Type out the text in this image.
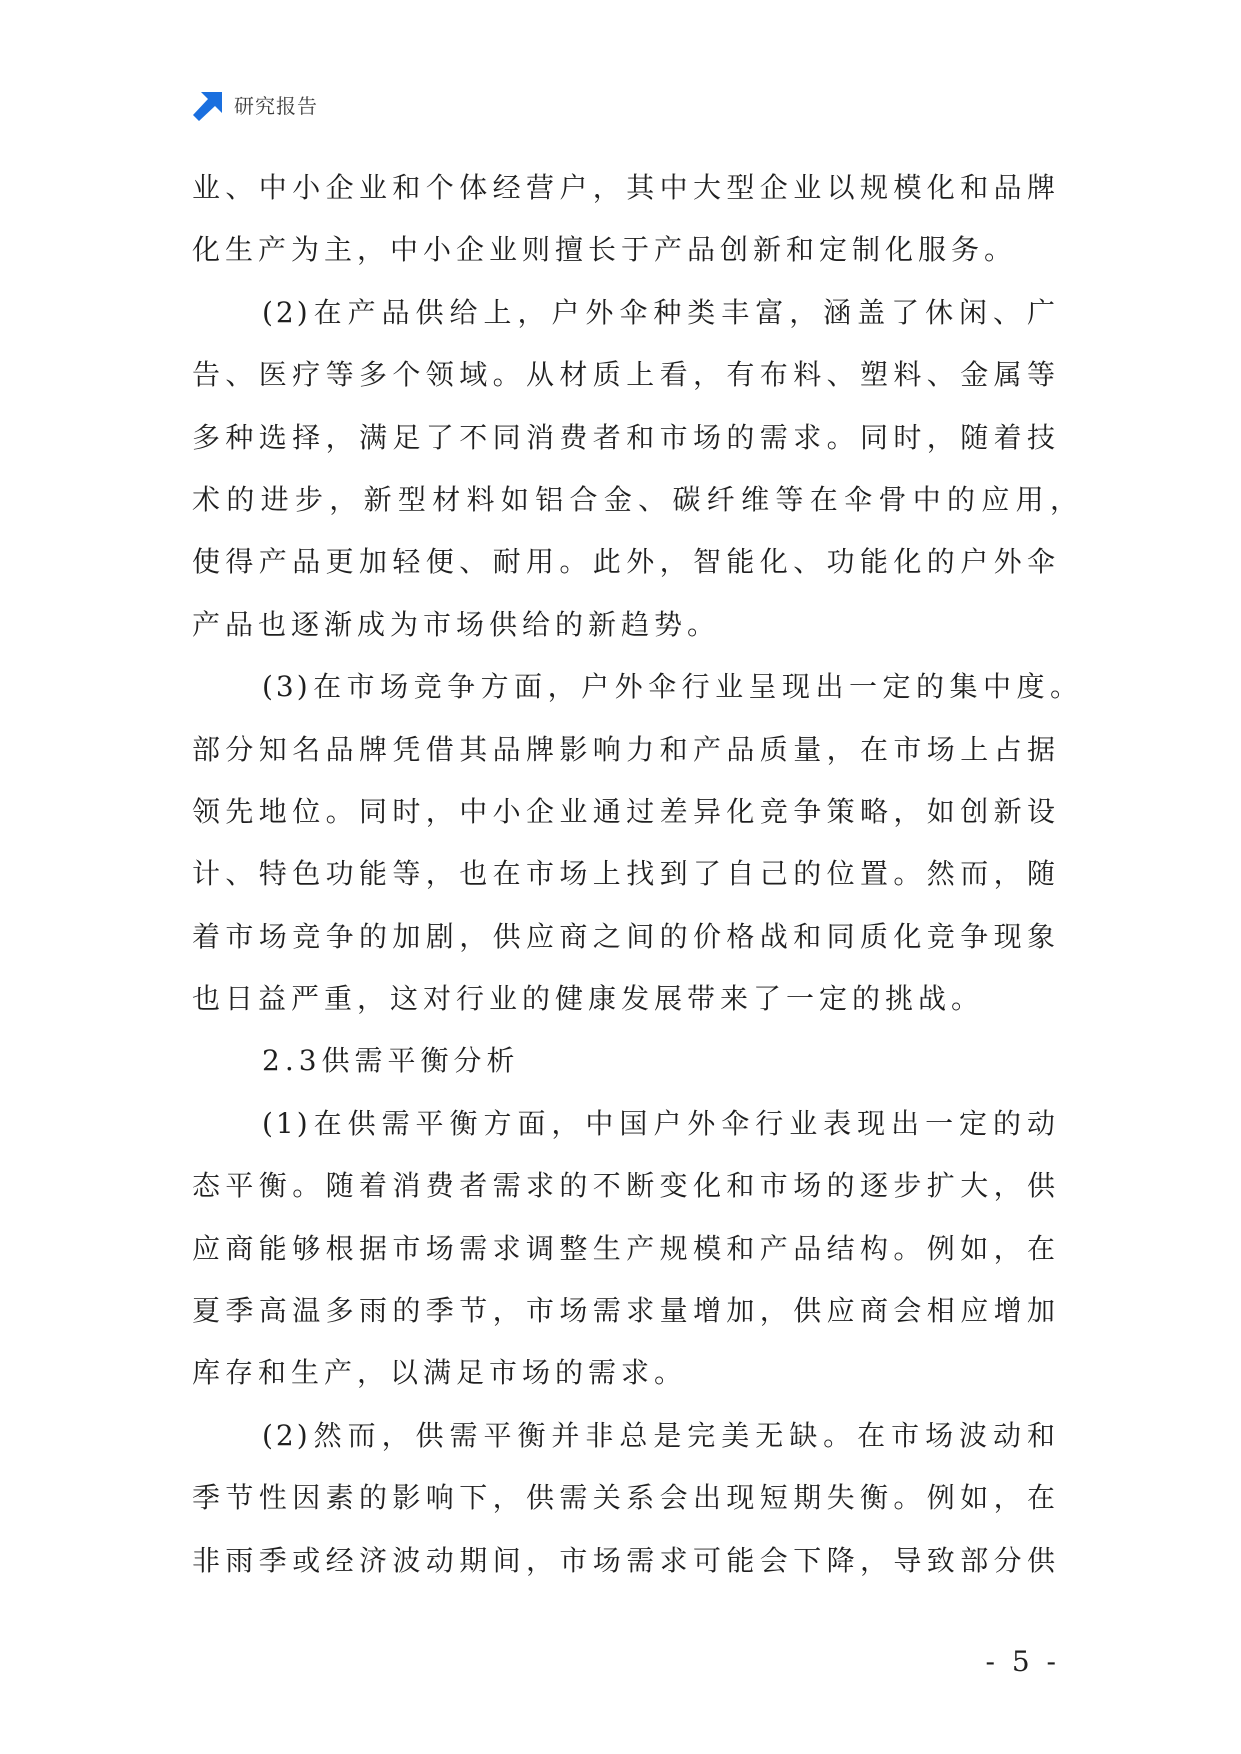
研究报告
业、中小企业和个体经营户，其中大型企业以规模化和品牌
化生产为主，中小企业则擅长于产品创新和定制化服务。
(2)在产品供给上，户外伞种类丰富，涵盖了休闲、广
告、医疗等多个领域。从材质上看，有布料、塑料、金属等
多种选择，满足了不同消费者和市场的需求。同时，随着技
术的进步，新型材料如铝合金、碳纤维等在伞骨中的应用，
使得产品更加轻便、耐用。此外，智能化、功能化的户外伞
产品也逐渐成为市场供给的新趋势。
(3)在市场竞争方面，户外伞行业呈现出一定的集中度。
部分知名品牌凭借其品牌影响力和产品质量，在市场上占据
领先地位。同时，中小企业通过差异化竞争策略，如创新设
计、特色功能等，也在市场上找到了自己的位置。然而，随
着市场竞争的加剧，供应商之间的价格战和同质化竞争现象
也日益严重，这对行业的健康发展带来了一定的挑战。
2.3供需平衡分析
(1)在供需平衡方面，中国户外伞行业表现出一定的动
态平衡。随着消费者需求的不断变化和市场的逐步扩大，供
应商能够根据市场需求调整生产规模和产品结构。例如，在
夏季高温多雨的季节，市场需求量增加，供应商会相应增加
库存和生产，以满足市场的需求。
(2)然而，供需平衡并非总是完美无缺。在市场波动和
季节性因素的影响下，供需关系会出现短期失衡。例如，在
非雨季或经济波动期间，市场需求可能会下降，导致部分供
- 5 -
